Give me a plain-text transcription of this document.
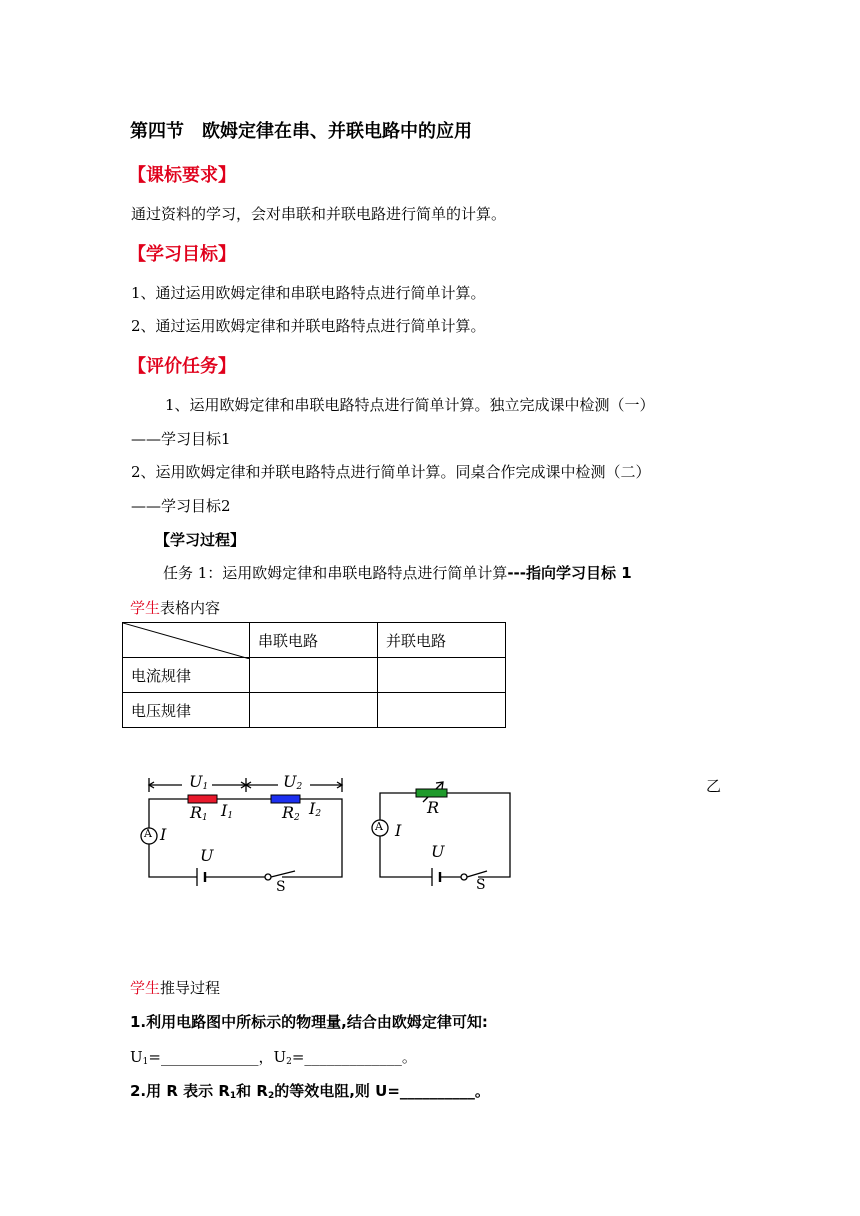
第四节　欧姆定律在串、并联电路中的应用
【课标要求】
通过资料的学习，会对串联和并联电路进行简单的计算。
【学习目标】
1、通过运用欧姆定律和串联电路特点进行简单计算。
2、通过运用欧姆定律和并联电路特点进行简单计算。
【评价任务】
1、运用欧姆定律和串联电路特点进行简单计算。独立完成课中检测（一）
——学习目标1
2、运用欧姆定律和并联电路特点进行简单计算。同桌合作完成课中检测（二）
——学习目标2
【学习过程】
任务 1：运用欧姆定律和串联电路特点进行简单计算---指向学习目标 1
学生表格内容
	串联电路	并联电路
电流规律		
电压规律		
$U_1$	$U_2$
$R_1$ $I_1$	$R_2$ $I_2$
A I
U
S
R
A I
U
S
乙
学生推导过程
1.利用电路图中所标示的物理量,结合由欧姆定律可知:
$U_1=\_\_\_\_\_\_\_\_\_\_\_\_\_$，$U_2=\_\_\_\_\_\_\_\_\_\_\_\_\_$。
2.用 R 表示 $R_1$和 $R_2$的等效电阻,则 U=__________。
